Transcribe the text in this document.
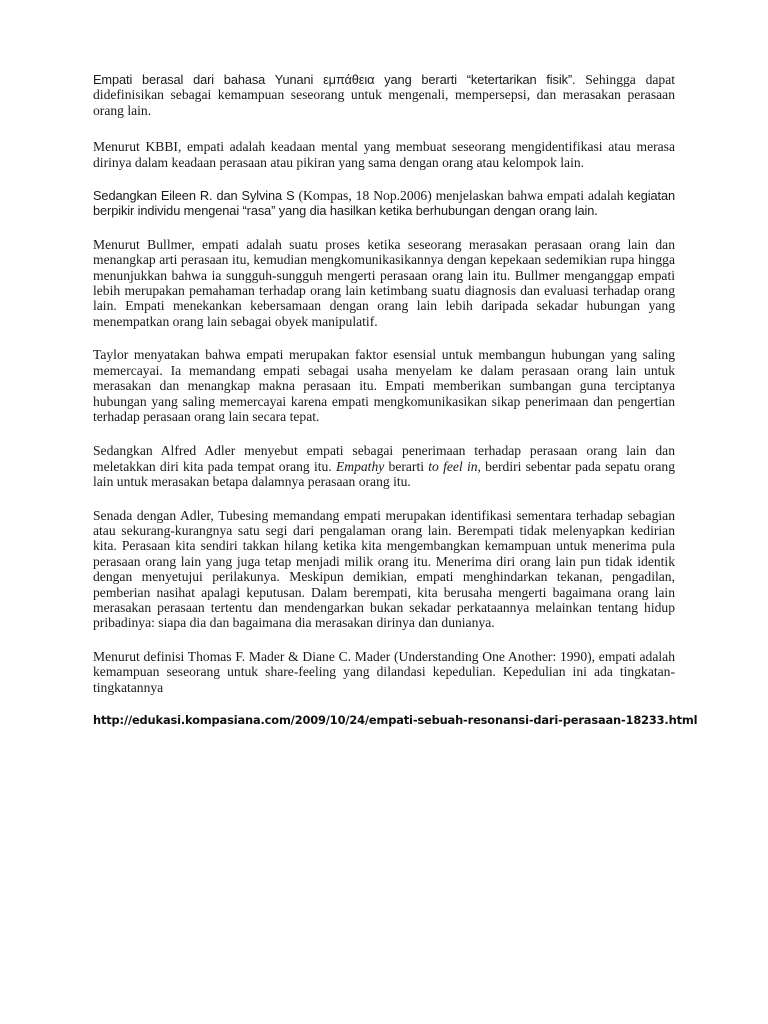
Empati berasal dari bahasa Yunani εμπάθεια yang berarti “ketertarikan fisik”. Sehingga dapat didefinisikan sebagai kemampuan seseorang untuk mengenali, mempersepsi, dan merasakan perasaan orang lain.

Menurut KBBI, empati adalah keadaan mental yang membuat seseorang mengidentifikasi atau merasa dirinya dalam keadaan perasaan atau pikiran yang sama dengan orang atau kelompok lain.

Sedangkan Eileen R. dan Sylvina S (Kompas, 18 Nop.2006) menjelaskan bahwa empati adalah kegiatan berpikir individu mengenai “rasa” yang dia hasilkan ketika berhubungan dengan orang lain.

Menurut Bullmer, empati adalah suatu proses ketika seseorang merasakan perasaan orang lain dan menangkap arti perasaan itu, kemudian mengkomunikasikannya dengan kepekaan sedemikian rupa hingga menunjukkan bahwa ia sungguh-sungguh mengerti perasaan orang lain itu. Bullmer menganggap empati lebih merupakan pemahaman terhadap orang lain ketimbang suatu diagnosis dan evaluasi terhadap orang lain. Empati menekankan kebersamaan dengan orang lain lebih daripada sekadar hubungan yang menempatkan orang lain sebagai obyek manipulatif.

Taylor menyatakan bahwa empati merupakan faktor esensial untuk membangun hubungan yang saling memercayai. Ia memandang empati sebagai usaha menyelam ke dalam perasaan orang lain untuk merasakan dan menangkap makna perasaan itu. Empati memberikan sumbangan guna terciptanya hubungan yang saling memercayai karena empati mengkomunikasikan sikap penerimaan dan pengertian terhadap perasaan orang lain secara tepat.

Sedangkan Alfred Adler menyebut empati sebagai penerimaan terhadap perasaan orang lain dan meletakkan diri kita pada tempat orang itu. Empathy berarti to feel in, berdiri sebentar pada sepatu orang lain untuk merasakan betapa dalamnya perasaan orang itu.

Senada dengan Adler, Tubesing memandang empati merupakan identifikasi sementara terhadap sebagian atau sekurang-kurangnya satu segi dari pengalaman orang lain. Berempati tidak melenyapkan kedirian kita. Perasaan kita sendiri takkan hilang ketika kita mengembangkan kemampuan untuk menerima pula perasaan orang lain yang juga tetap menjadi milik orang itu. Menerima diri orang lain pun tidak identik dengan menyetujui perilakunya. Meskipun demikian, empati menghindarkan tekanan, pengadilan, pemberian nasihat apalagi keputusan. Dalam berempati, kita berusaha mengerti bagaimana orang lain merasakan perasaan tertentu dan mendengarkan bukan sekadar perkataannya melainkan tentang hidup pribadinya: siapa dia dan bagaimana dia merasakan dirinya dan dunianya.

Menurut definisi Thomas F. Mader & Diane C. Mader (Understanding One Another: 1990), empati adalah kemampuan seseorang untuk share-feeling yang dilandasi kepedulian. Kepedulian ini ada tingkatan-tingkatannya

http://edukasi.kompasiana.com/2009/10/24/empati-sebuah-resonansi-dari-perasaan-18233.html
